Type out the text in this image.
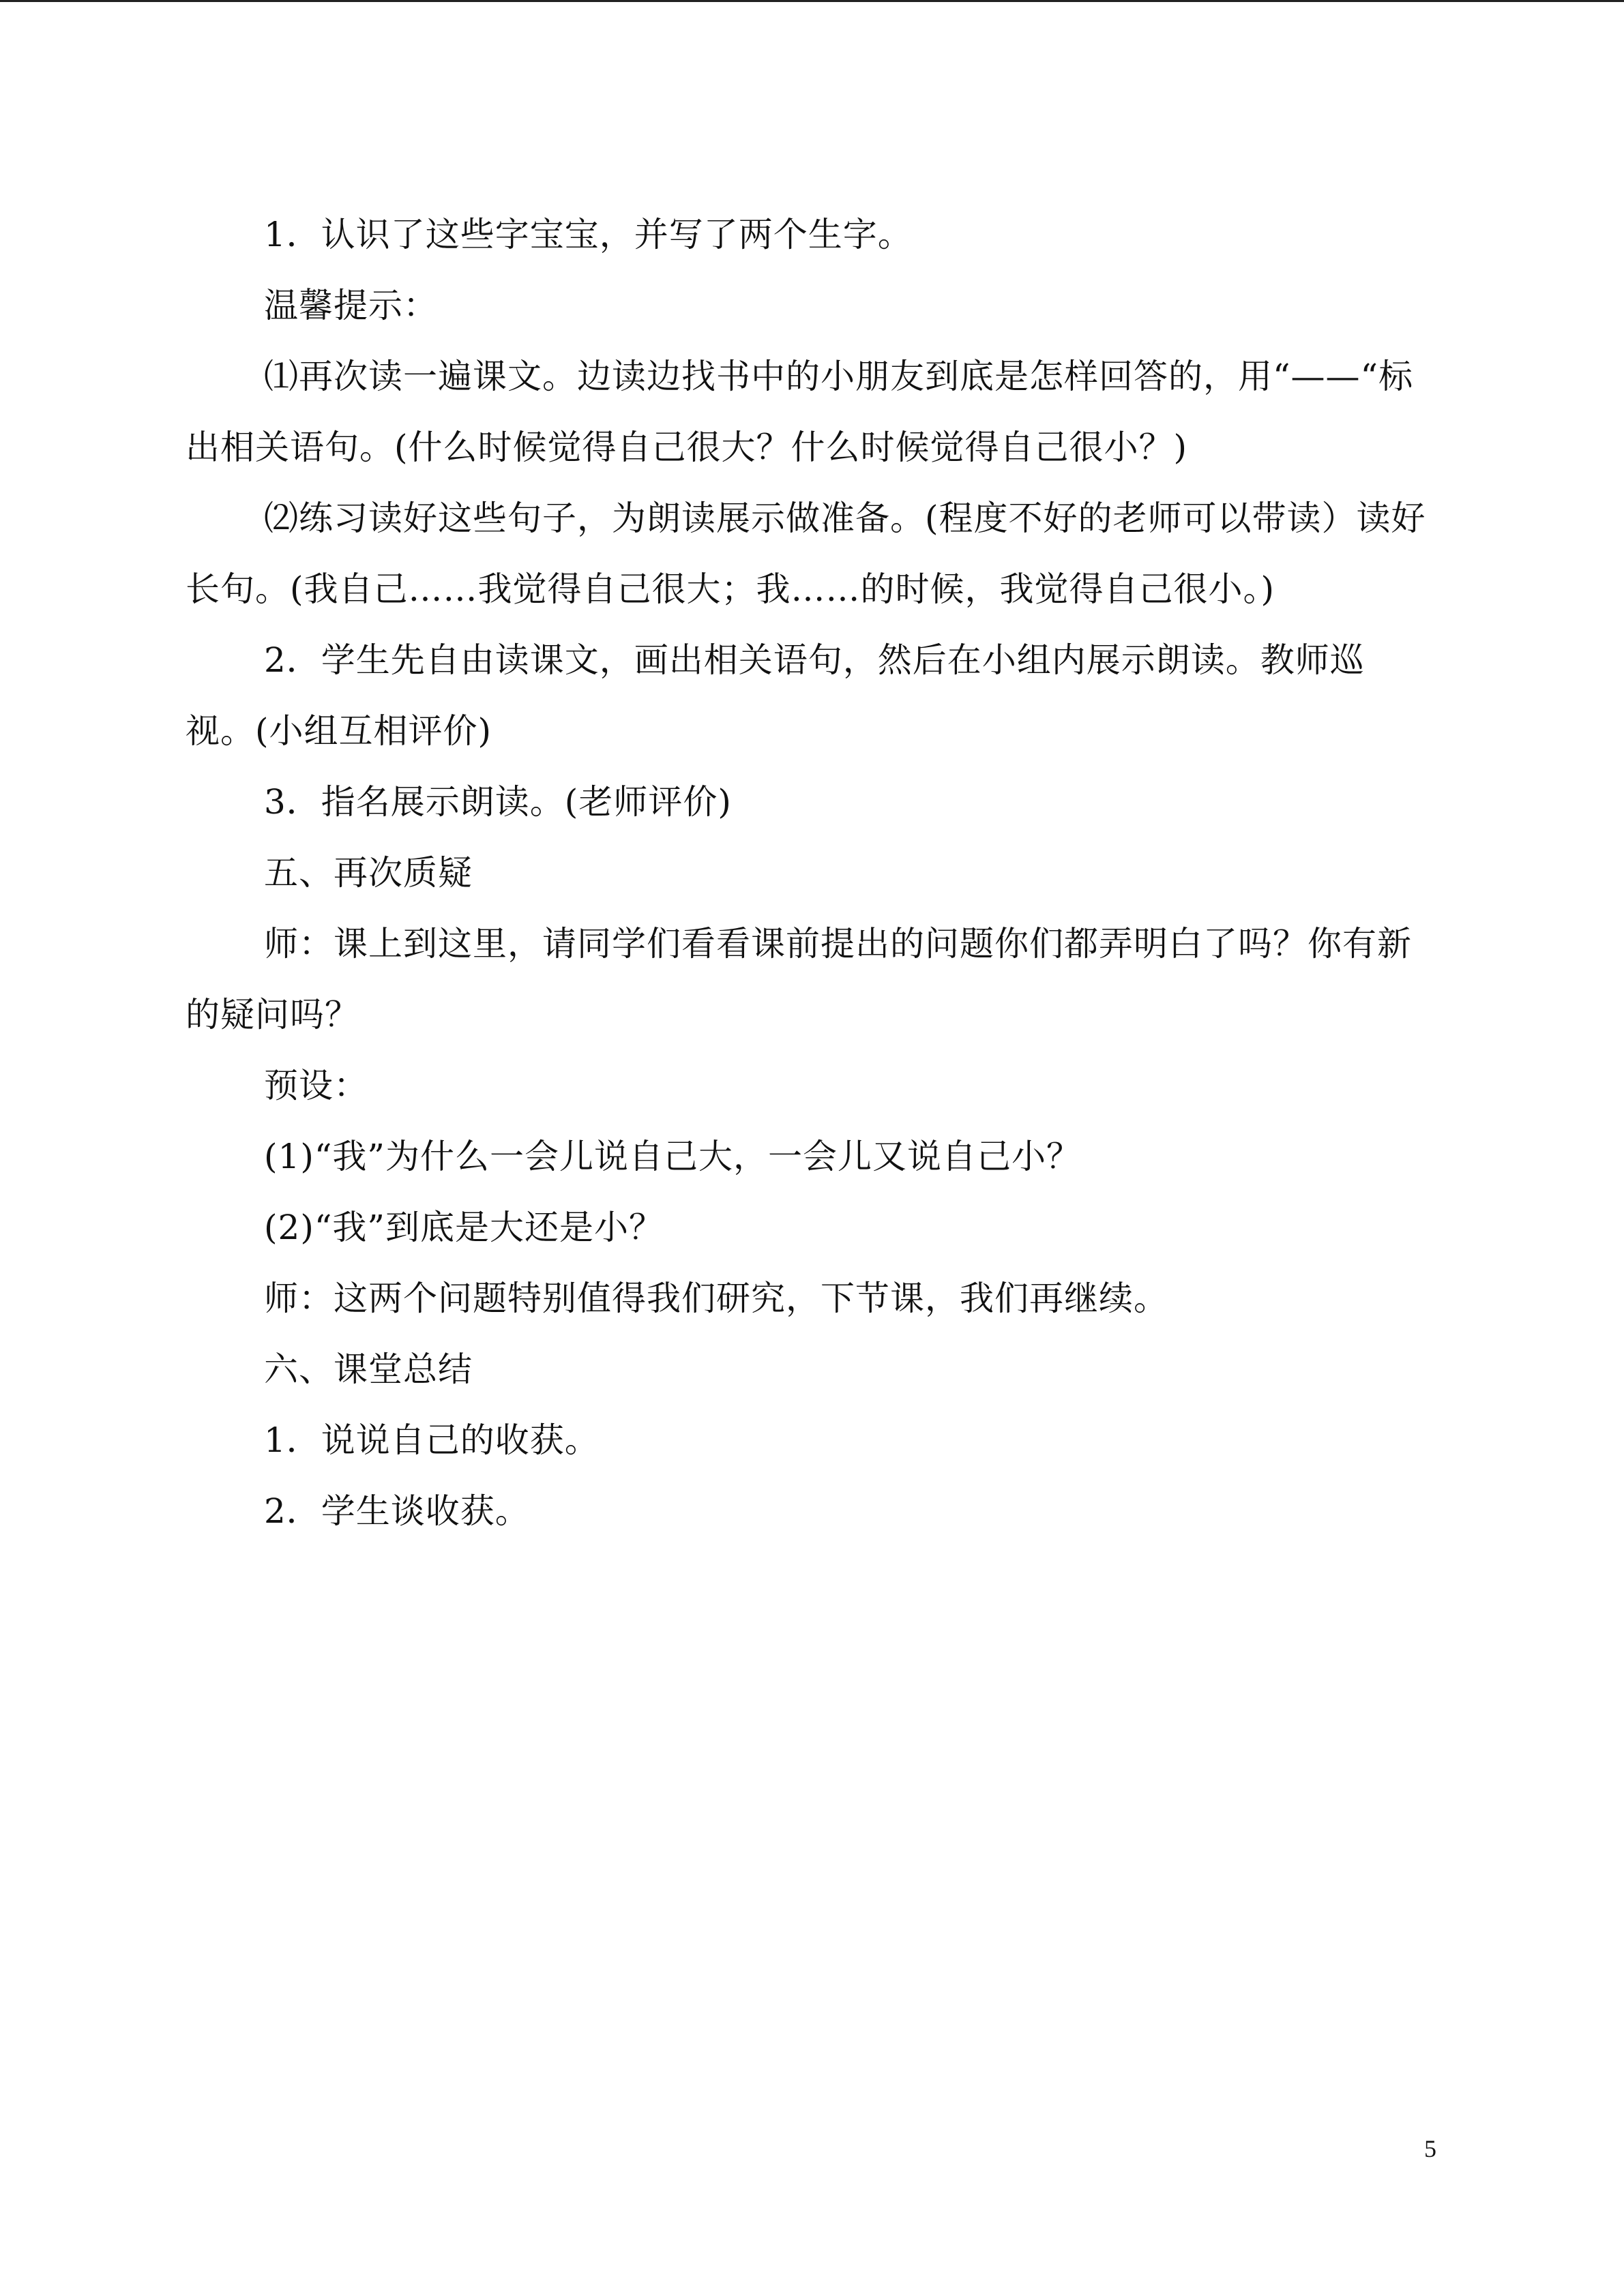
1．认识了这些字宝宝，并写了两个生字。

温馨提示：

⑴再次读一遍课文。边读边找书中的小朋友到底是怎样回答的，用“——“标出相关语句。(什么时候觉得自己很大？什么时候觉得自己很小？)

⑵练习读好这些句子，为朗读展示做准备。(程度不好的老师可以带读）读好长句。(我自己……我觉得自己很大；我……的时候，我觉得自己很小。)

2．学生先自由读课文，画出相关语句，然后在小组内展示朗读。教师巡视。(小组互相评价)

3．指名展示朗读。(老师评价)

五、再次质疑

师：课上到这里，请同学们看看课前提出的问题你们都弄明白了吗？你有新的疑问吗？

预设：

(1)“我”为什么一会儿说自己大，一会儿又说自己小？

(2)“我”到底是大还是小？

师：这两个问题特别值得我们研究，下节课，我们再继续。

六、课堂总结

1．说说自己的收获。

2．学生谈收获。

5
